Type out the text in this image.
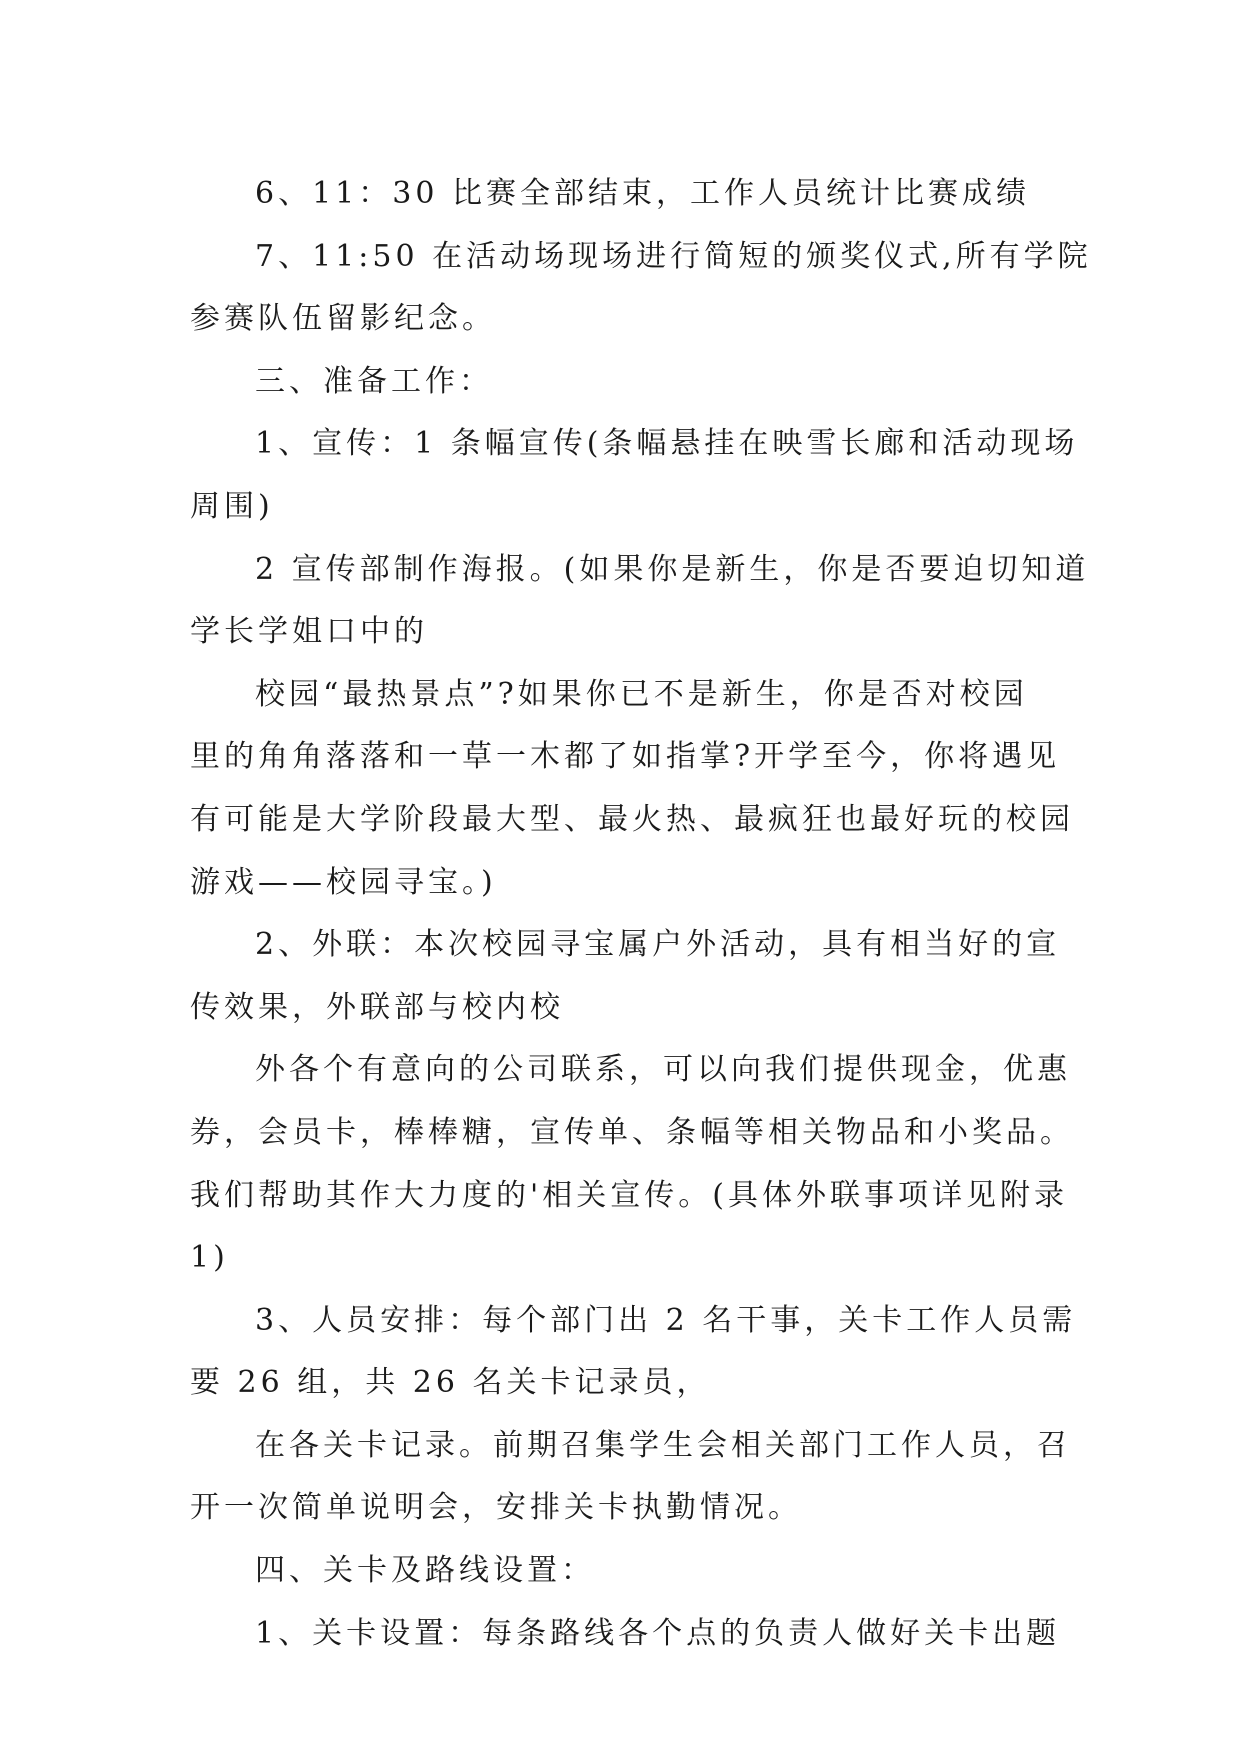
6、11：30 比赛全部结束，工作人员统计比赛成绩

7、11:50 在活动场现场进行简短的颁奖仪式,所有学院

参赛队伍留影纪念。

三、准备工作：

1、宣传：1 条幅宣传(条幅悬挂在映雪长廊和活动现场

周围)

2 宣传部制作海报。(如果你是新生，你是否要迫切知道

学长学姐口中的

校园“最热景点”?如果你已不是新生，你是否对校园

里的角角落落和一草一木都了如指掌?开学至今，你将遇见

有可能是大学阶段最大型、最火热、最疯狂也最好玩的校园

游戏——校园寻宝。)

2、外联：本次校园寻宝属户外活动，具有相当好的宣

传效果，外联部与校内校

外各个有意向的公司联系，可以向我们提供现金，优惠

券，会员卡，棒棒糖，宣传单、条幅等相关物品和小奖品。

我们帮助其作大力度的'相关宣传。(具体外联事项详见附录

1)

3、人员安排：每个部门出 2 名干事，关卡工作人员需

要 26 组，共 26 名关卡记录员，

在各关卡记录。前期召集学生会相关部门工作人员，召

开一次简单说明会，安排关卡执勤情况。

四、关卡及路线设置：

1、关卡设置：每条路线各个点的负责人做好关卡出题
